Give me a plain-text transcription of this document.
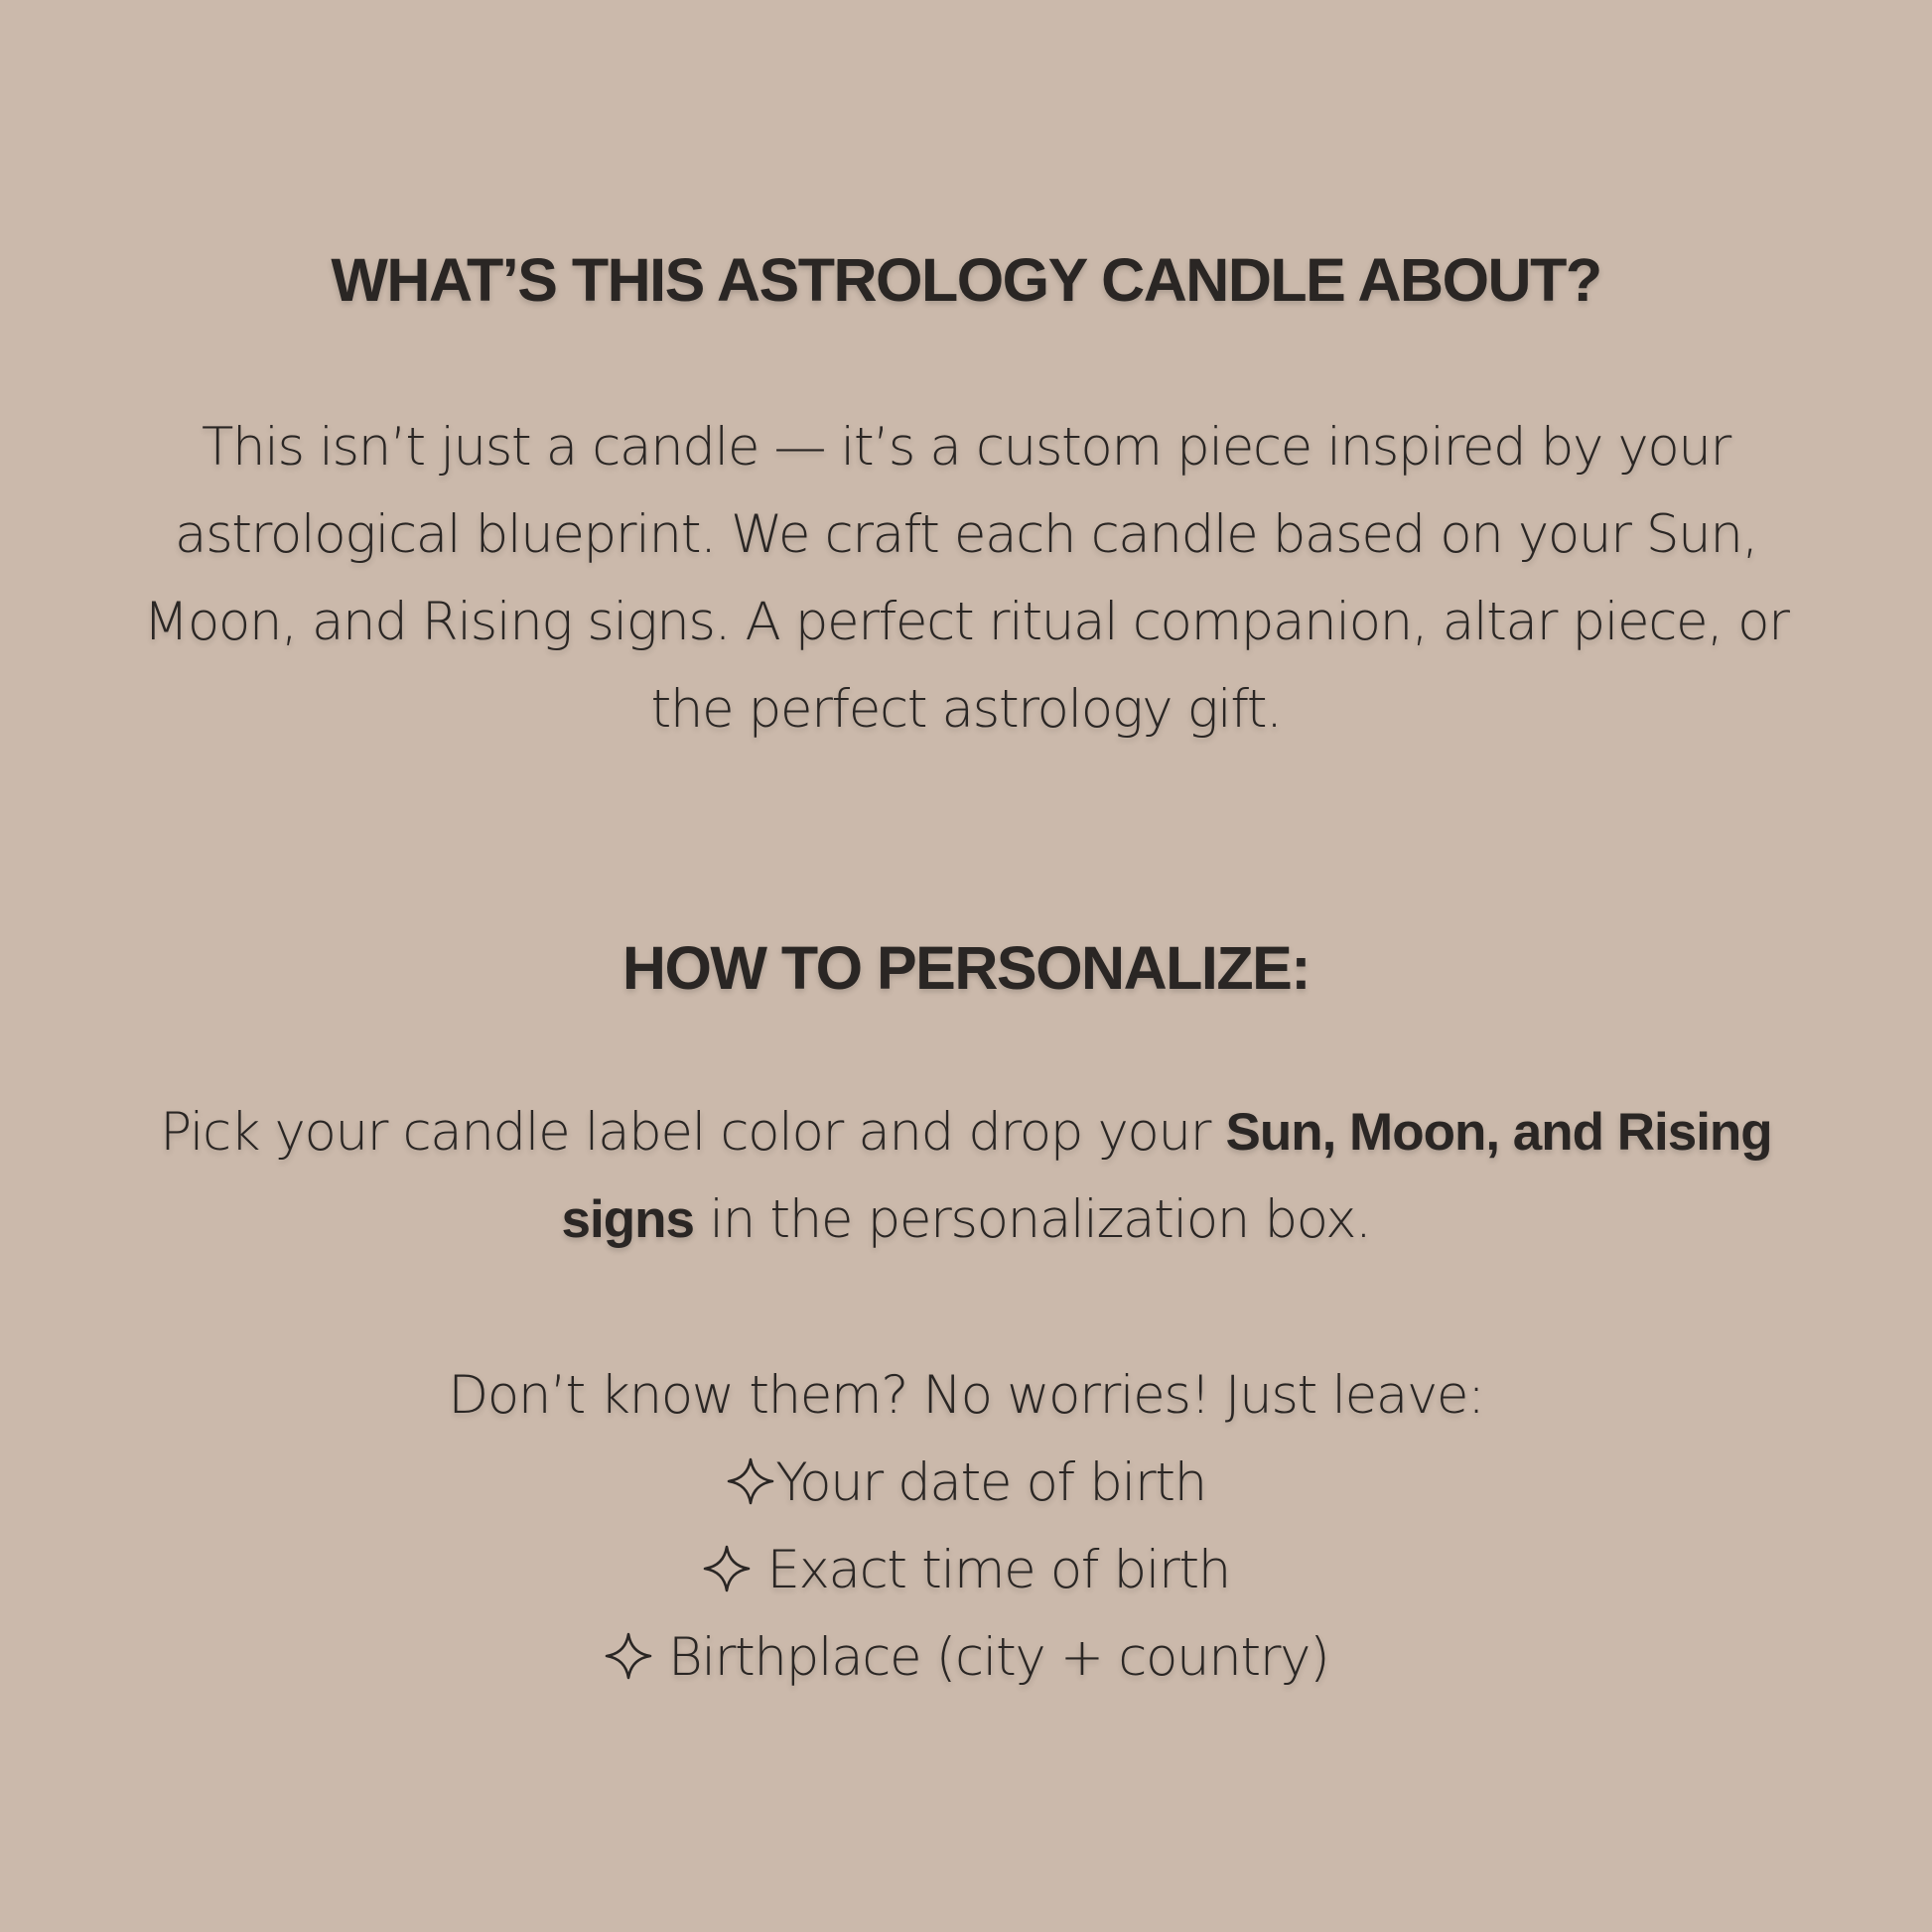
WHAT’S THIS ASTROLOGY CANDLE ABOUT?
This isn’t just a candle — it’s a custom piece inspired by your
astrological blueprint. We craft each candle based on your Sun,
Moon, and Rising signs. A perfect ritual companion, altar piece, or
the perfect astrology gift.
HOW TO PERSONALIZE:
Pick your candle label color and drop your Sun, Moon, and Rising
signs in the personalization box.
Don’t know them? No worries! Just leave:
Your date of birth
Exact time of birth
Birthplace (city + country)
